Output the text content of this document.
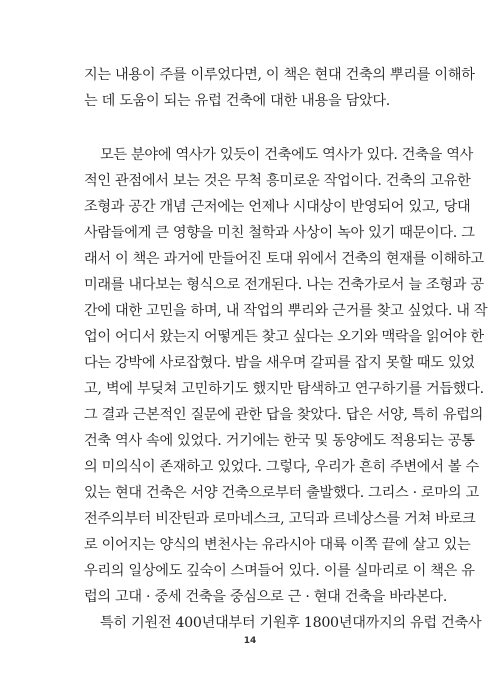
지는 내용이 주를 이루었다면, 이 책은 현대 건축의 뿌리를 이해하
는 데 도움이 되는 유럽 건축에 대한 내용을 담았다.
모든 분야에 역사가 있듯이 건축에도 역사가 있다. 건축을 역사
적인 관점에서 보는 것은 무척 흥미로운 작업이다. 건축의 고유한
조형과 공간 개념 근저에는 언제나 시대상이 반영되어 있고, 당대
사람들에게 큰 영향을 미친 철학과 사상이 녹아 있기 때문이다. 그
래서 이 책은 과거에 만들어진 토대 위에서 건축의 현재를 이해하고
미래를 내다보는 형식으로 전개된다. 나는 건축가로서 늘 조형과 공
간에 대한 고민을 하며, 내 작업의 뿌리와 근거를 찾고 싶었다. 내 작
업이 어디서 왔는지 어떻게든 찾고 싶다는 오기와 맥락을 읽어야 한
다는 강박에 사로잡혔다. 밤을 새우며 갈피를 잡지 못할 때도 있었
고, 벽에 부딪쳐 고민하기도 했지만 탐색하고 연구하기를 거듭했다.
그 결과 근본적인 질문에 관한 답을 찾았다. 답은 서양, 특히 유럽의
건축 역사 속에 있었다. 거기에는 한국 및 동양에도 적용되는 공통
의 미의식이 존재하고 있었다. 그렇다, 우리가 흔히 주변에서 볼 수
있는 현대 건축은 서양 건축으로부터 출발했다. 그리스 · 로마의 고
전주의부터 비잔틴과 로마네스크, 고딕과 르네상스를 거쳐 바로크
로 이어지는 양식의 변천사는 유라시아 대륙 이쪽 끝에 살고 있는
우리의 일상에도 깊숙이 스며들어 있다. 이를 실마리로 이 책은 유
럽의 고대 · 중세 건축을 중심으로 근 · 현대 건축을 바라본다.
특히 기원전 400년대부터 기원후 1800년대까지의 유럽 건축사
14
